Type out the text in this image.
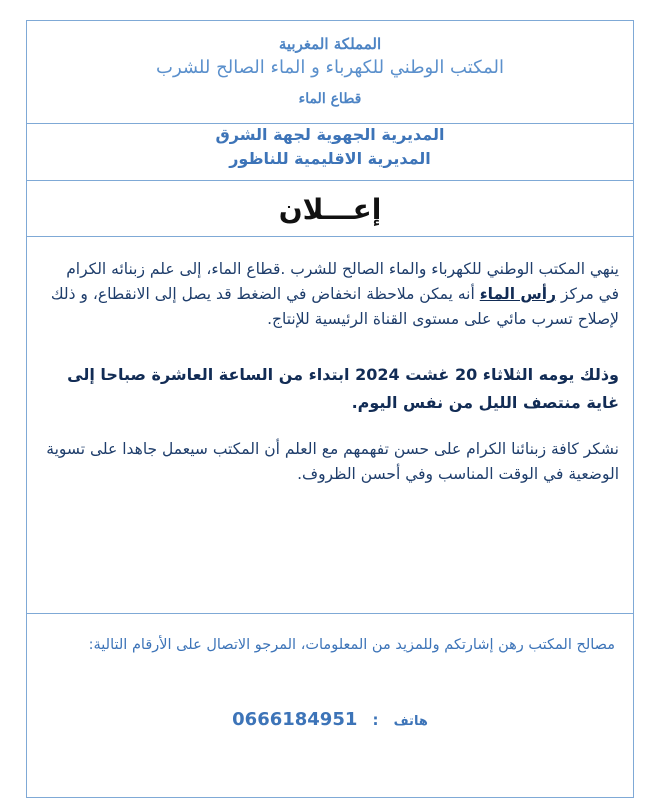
المملكة المغربية
المكتب الوطني للكهرباء و الماء الصالح للشرب
قطاع الماء
المديرية الجهوية لجهة الشرق
المديرية الاقليمية للناظور
إعـــلان
ينهي المكتب الوطني للكهرباء والماء الصالح للشرب .قطاع الماء، إلى علم زبنائه الكرام في مركز رأس الماء أنه يمكن ملاحظة انخفاض في الضغط قد يصل إلى الانقطاع، و ذلك لإصلاح تسرب مائي على مستوى القناة الرئيسية للإنتاج.
وذلك يومه الثلاثاء 20 غشت 2024 ابتداء من الساعة العاشرة صباحا إلى غاية منتصف الليل من نفس اليوم.
نشكر كافة زبنائنا الكرام على حسن تفهمهم مع العلم أن المكتب سيعمل جاهدا على تسوية الوضعية في الوقت المناسب وفي أحسن الظروف.
مصالح المكتب رهن إشارتكم وللمزيد من المعلومات، المرجو الاتصال على الأرقام التالية:
هاتف : 0666184951
